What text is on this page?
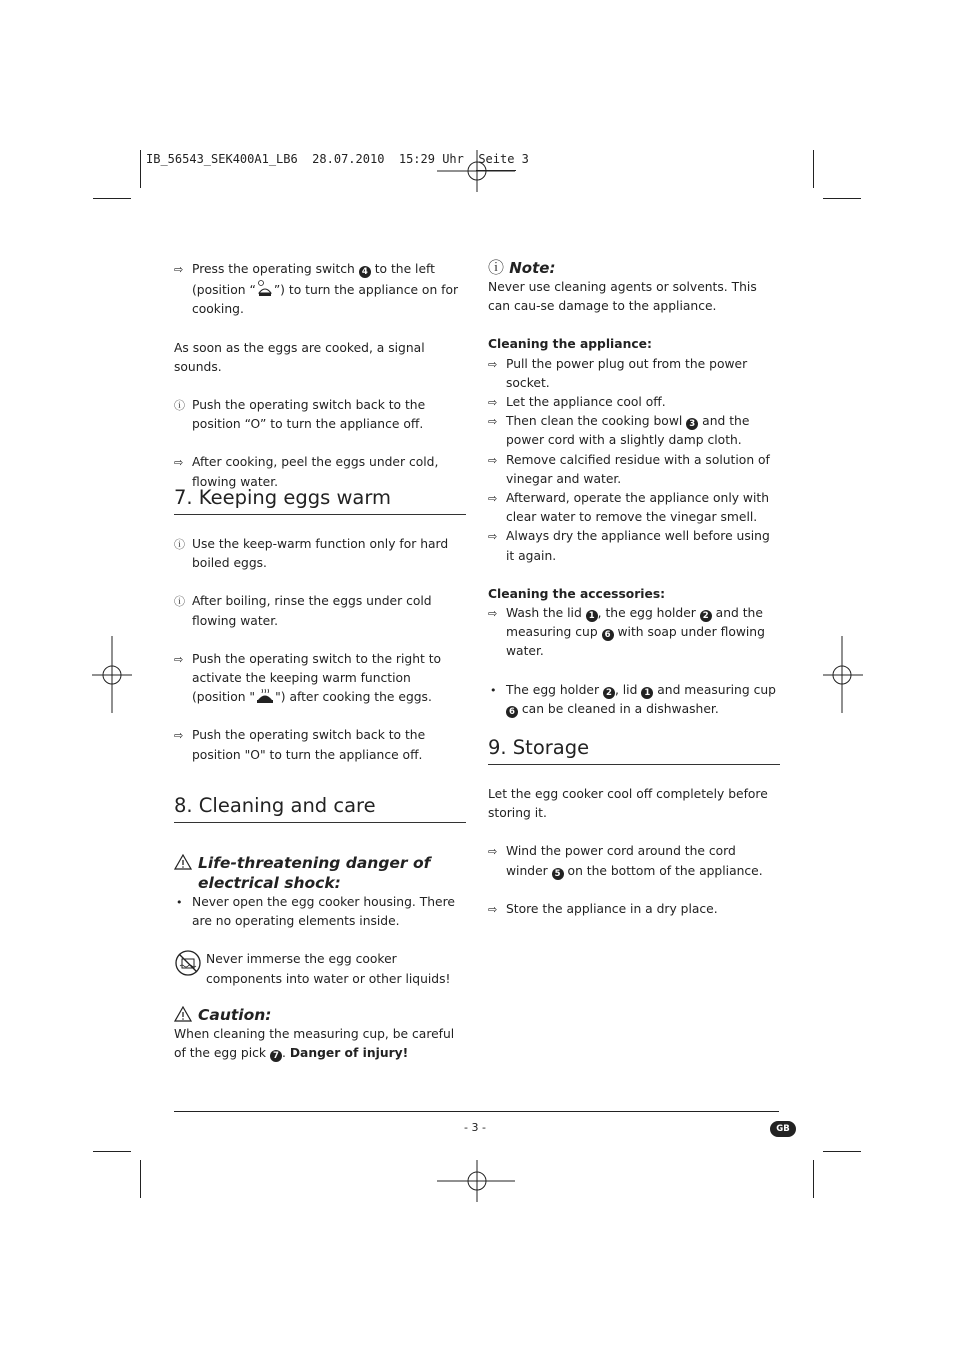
IB_56543_SEK400A1_LB6  28.07.2010  15:29 Uhr  Seite 3
⇨ Press the operating switch 4 to the left (position “ ”) to turn the appliance on for cooking.

As soon as the eggs are cooked, a signal sounds.

ⓘ Push the operating switch back to the position “O” to turn the appliance off.
⇨ After cooking, peel the eggs under cold, flowing water.
7. Keeping eggs warm
ⓘ Use the keep-warm function only for hard boiled eggs.
ⓘ After boiling, rinse the eggs under cold flowing water.
⇨ Push the operating switch to the right to activate the keeping warm function (position " ") after cooking the eggs.
⇨ Push the operating switch back to the position "O" to turn the appliance off.
8. Cleaning and care
Life-threatening danger of electrical shock:
• Never open the egg cooker housing. There are no operating elements inside.
Never immerse the egg cooker components into water or other liquids!
Caution:

When cleaning the measuring cup, be careful of the egg pick 7 . Danger of injury!

ⓘ Note:

Never use cleaning agents or solvents. This can cau-se damage to the appliance.

Cleaning the appliance:

⇨ Pull the power plug out from the power socket.
⇨ Let the appliance cool off.
⇨ Then clean the cooking bowl 3 and the power cord with a slightly damp cloth.
⇨ Remove calcified residue with a solution of vinegar and water.
⇨ Afterward, operate the appliance only with clear water to remove the vinegar smell.
⇨ Always dry the appliance well before using it again.

Cleaning the accessories:

⇨ Wash the lid 1 , the egg holder 2 and the measuring cup 6 with soap under flowing water.
• The egg holder 2 , lid 1 and measuring cup 6 can be cleaned in a dishwasher.
9. Storage

Let the egg cooker cool off completely before storing it.

⇨ Wind the power cord around the cord winder 5 on the bottom of the appliance.
⇨ Store the appliance in a dry place.
- 3 -	GB
